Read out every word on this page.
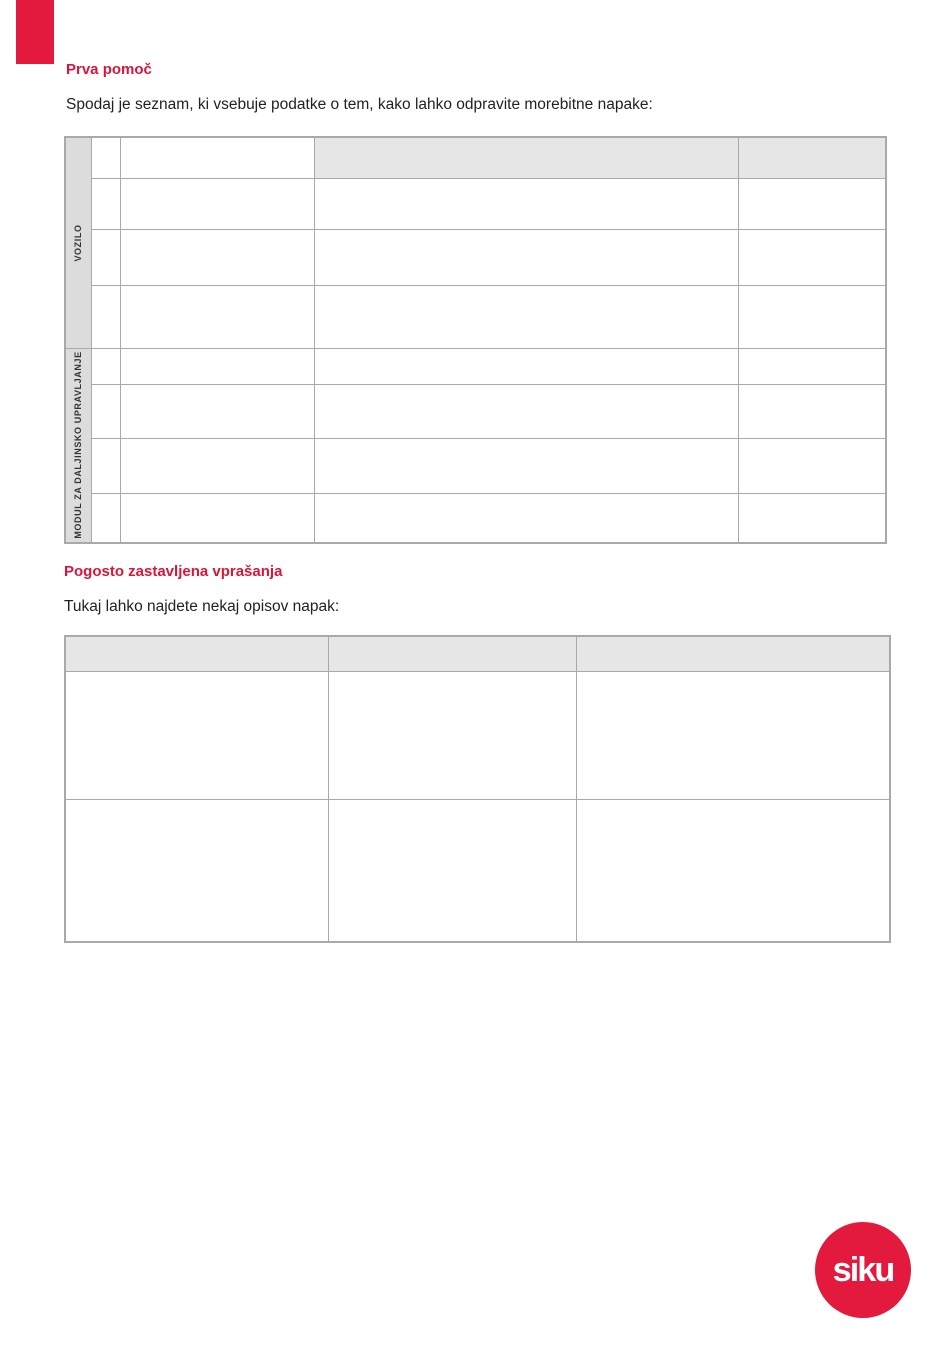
Prva pomoč

Spodaj je seznam, ki vsebuje podatke o tem, kako lahko odpravite morebitne napake:

VOZILO				

MODUL ZA DALJINSKO UPRAVLJANJE				

Pogosto zastavljena vprašanja

Tukaj lahko najdete nekaj opisov napak:

siku
